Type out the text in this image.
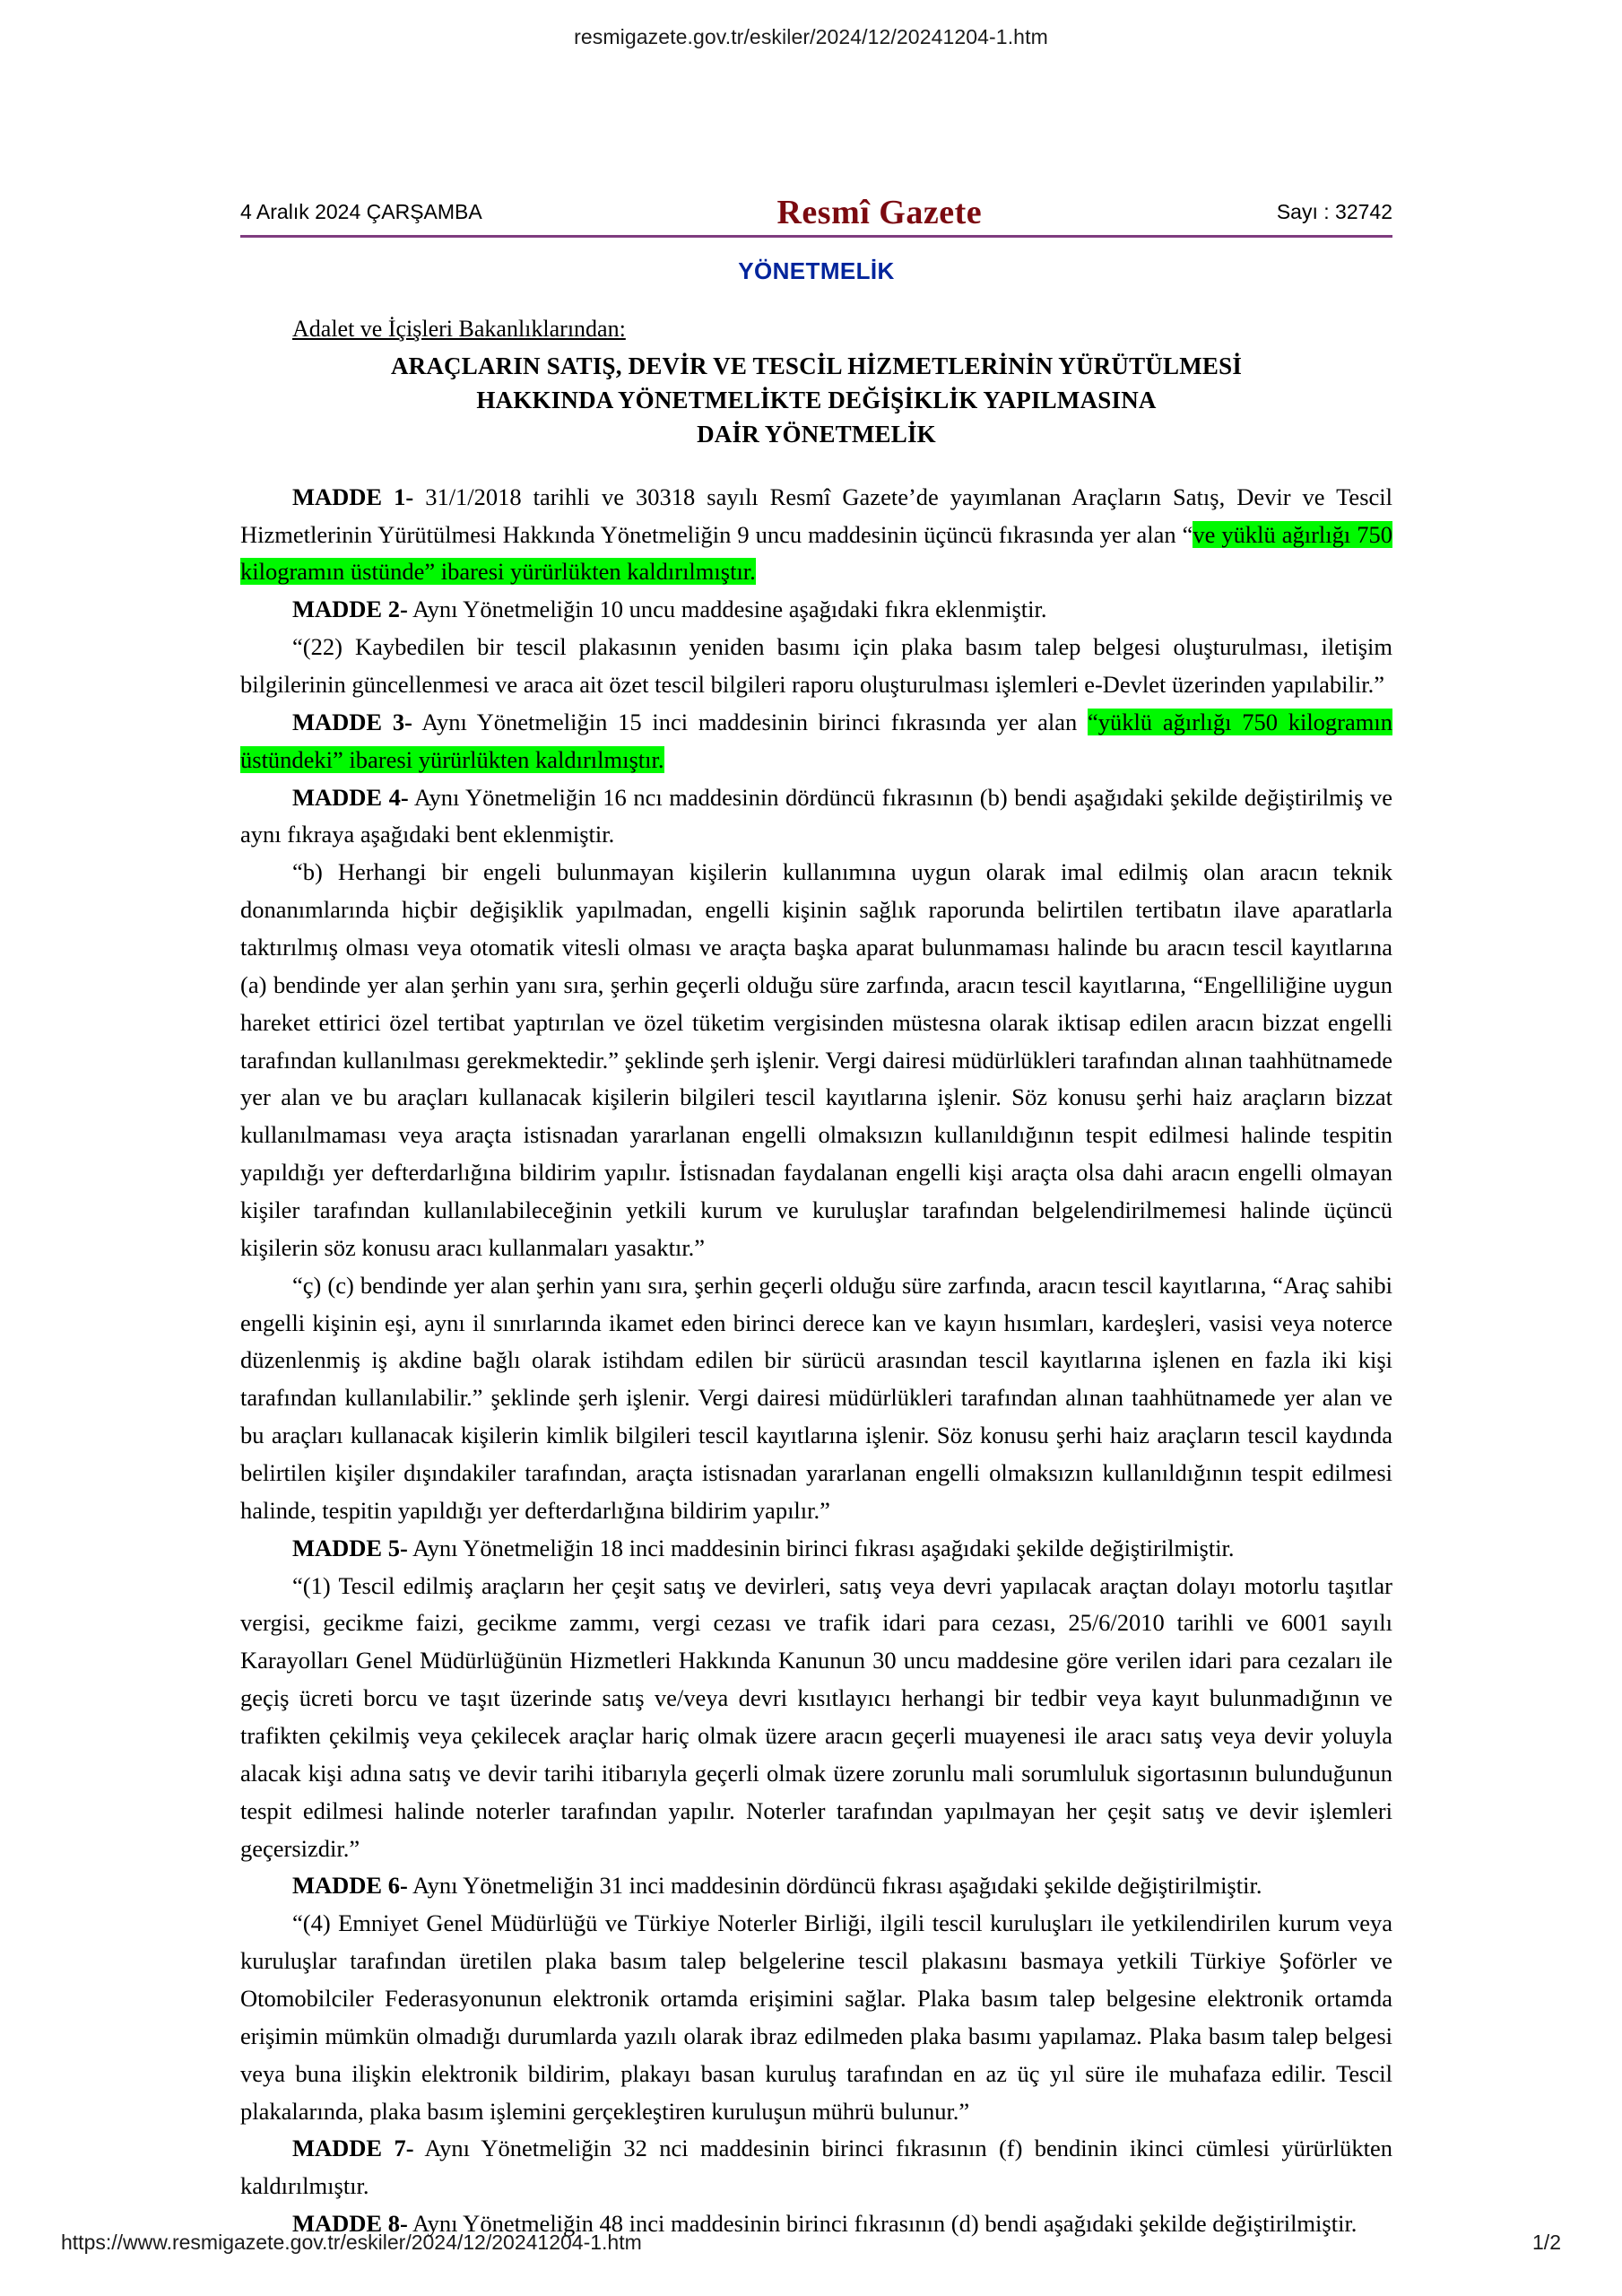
resmigazete.gov.tr/eskiler/2024/12/20241204-1.htm
4 Aralık 2024 ÇARŞAMBA	Resmî Gazete	Sayı : 32742
YÖNETMELİK
Adalet ve İçişleri Bakanlıklarından:
ARAÇLARIN SATIŞ, DEVİR VE TESCİL HİZMETLERİNİN YÜRÜTÜLMESİ
HAKKINDA YÖNETMELİKTE DEĞİŞİKLİK YAPILMASINA
DAİR YÖNETMELİK

MADDE 1- 31/1/2018 tarihli ve 30318 sayılı Resmî Gazete’de yayımlanan Araçların Satış, Devir ve Tescil Hizmetlerinin Yürütülmesi Hakkında Yönetmeliğin 9 uncu maddesinin üçüncü fıkrasında yer alan “ve yüklü ağırlığı 750 kilogramın üstünde” ibaresi yürürlükten kaldırılmıştır.

MADDE 2- Aynı Yönetmeliğin 10 uncu maddesine aşağıdaki fıkra eklenmiştir.

“(22) Kaybedilen bir tescil plakasının yeniden basımı için plaka basım talep belgesi oluşturulması, iletişim bilgilerinin güncellenmesi ve araca ait özet tescil bilgileri raporu oluşturulması işlemleri e-Devlet üzerinden yapılabilir.”

MADDE 3- Aynı Yönetmeliğin 15 inci maddesinin birinci fıkrasında yer alan “yüklü ağırlığı 750 kilogramın üstündeki” ibaresi yürürlükten kaldırılmıştır.

MADDE 4- Aynı Yönetmeliğin 16 ncı maddesinin dördüncü fıkrasının (b) bendi aşağıdaki şekilde değiştirilmiş ve aynı fıkraya aşağıdaki bent eklenmiştir.

“b) Herhangi bir engeli bulunmayan kişilerin kullanımına uygun olarak imal edilmiş olan aracın teknik donanımlarında hiçbir değişiklik yapılmadan, engelli kişinin sağlık raporunda belirtilen tertibatın ilave aparatlarla taktırılmış olması veya otomatik vitesli olması ve araçta başka aparat bulunmaması halinde bu aracın tescil kayıtlarına (a) bendinde yer alan şerhin yanı sıra, şerhin geçerli olduğu süre zarfında, aracın tescil kayıtlarına, “Engelliliğine uygun hareket ettirici özel tertibat yaptırılan ve özel tüketim vergisinden müstesna olarak iktisap edilen aracın bizzat engelli tarafından kullanılması gerekmektedir.” şeklinde şerh işlenir. Vergi dairesi müdürlükleri tarafından alınan taahhütnamede yer alan ve bu araçları kullanacak kişilerin bilgileri tescil kayıtlarına işlenir. Söz konusu şerhi haiz araçların bizzat kullanılmaması veya araçta istisnadan yararlanan engelli olmaksızın kullanıldığının tespit edilmesi halinde tespitin yapıldığı yer defterdarlığına bildirim yapılır. İstisnadan faydalanan engelli kişi araçta olsa dahi aracın engelli olmayan kişiler tarafından kullanılabileceğinin yetkili kurum ve kuruluşlar tarafından belgelendirilmemesi halinde üçüncü kişilerin söz konusu aracı kullanmaları yasaktır.”

“ç) (c) bendinde yer alan şerhin yanı sıra, şerhin geçerli olduğu süre zarfında, aracın tescil kayıtlarına, “Araç sahibi engelli kişinin eşi, aynı il sınırlarında ikamet eden birinci derece kan ve kayın hısımları, kardeşleri, vasisi veya noterce düzenlenmiş iş akdine bağlı olarak istihdam edilen bir sürücü arasından tescil kayıtlarına işlenen en fazla iki kişi tarafından kullanılabilir.” şeklinde şerh işlenir. Vergi dairesi müdürlükleri tarafından alınan taahhütnamede yer alan ve bu araçları kullanacak kişilerin kimlik bilgileri tescil kayıtlarına işlenir. Söz konusu şerhi haiz araçların tescil kaydında belirtilen kişiler dışındakiler tarafından, araçta istisnadan yararlanan engelli olmaksızın kullanıldığının tespit edilmesi halinde, tespitin yapıldığı yer defterdarlığına bildirim yapılır.”

MADDE 5- Aynı Yönetmeliğin 18 inci maddesinin birinci fıkrası aşağıdaki şekilde değiştirilmiştir.

“(1) Tescil edilmiş araçların her çeşit satış ve devirleri, satış veya devri yapılacak araçtan dolayı motorlu taşıtlar vergisi, gecikme faizi, gecikme zammı, vergi cezası ve trafik idari para cezası, 25/6/2010 tarihli ve 6001 sayılı Karayolları Genel Müdürlüğünün Hizmetleri Hakkında Kanunun 30 uncu maddesine göre verilen idari para cezaları ile geçiş ücreti borcu ve taşıt üzerinde satış ve/veya devri kısıtlayıcı herhangi bir tedbir veya kayıt bulunmadığının ve trafikten çekilmiş veya çekilecek araçlar hariç olmak üzere aracın geçerli muayenesi ile aracı satış veya devir yoluyla alacak kişi adına satış ve devir tarihi itibarıyla geçerli olmak üzere zorunlu mali sorumluluk sigortasının bulunduğunun tespit edilmesi halinde noterler tarafından yapılır. Noterler tarafından yapılmayan her çeşit satış ve devir işlemleri geçersizdir.”

MADDE 6- Aynı Yönetmeliğin 31 inci maddesinin dördüncü fıkrası aşağıdaki şekilde değiştirilmiştir.

“(4) Emniyet Genel Müdürlüğü ve Türkiye Noterler Birliği, ilgili tescil kuruluşları ile yetkilendirilen kurum veya kuruluşlar tarafından üretilen plaka basım talep belgelerine tescil plakasını basmaya yetkili Türkiye Şoförler ve Otomobilciler Federasyonunun elektronik ortamda erişimini sağlar. Plaka basım talep belgesine elektronik ortamda erişimin mümkün olmadığı durumlarda yazılı olarak ibraz edilmeden plaka basımı yapılamaz. Plaka basım talep belgesi veya buna ilişkin elektronik bildirim, plakayı basan kuruluş tarafından en az üç yıl süre ile muhafaza edilir. Tescil plakalarında, plaka basım işlemini gerçekleştiren kuruluşun mührü bulunur.”

MADDE 7- Aynı Yönetmeliğin 32 nci maddesinin birinci fıkrasının (f) bendinin ikinci cümlesi yürürlükten kaldırılmıştır.

MADDE 8- Aynı Yönetmeliğin 48 inci maddesinin birinci fıkrasının (d) bendi aşağıdaki şekilde değiştirilmiştir.

https://www.resmigazete.gov.tr/eskiler/2024/12/20241204-1.htm	1/2
